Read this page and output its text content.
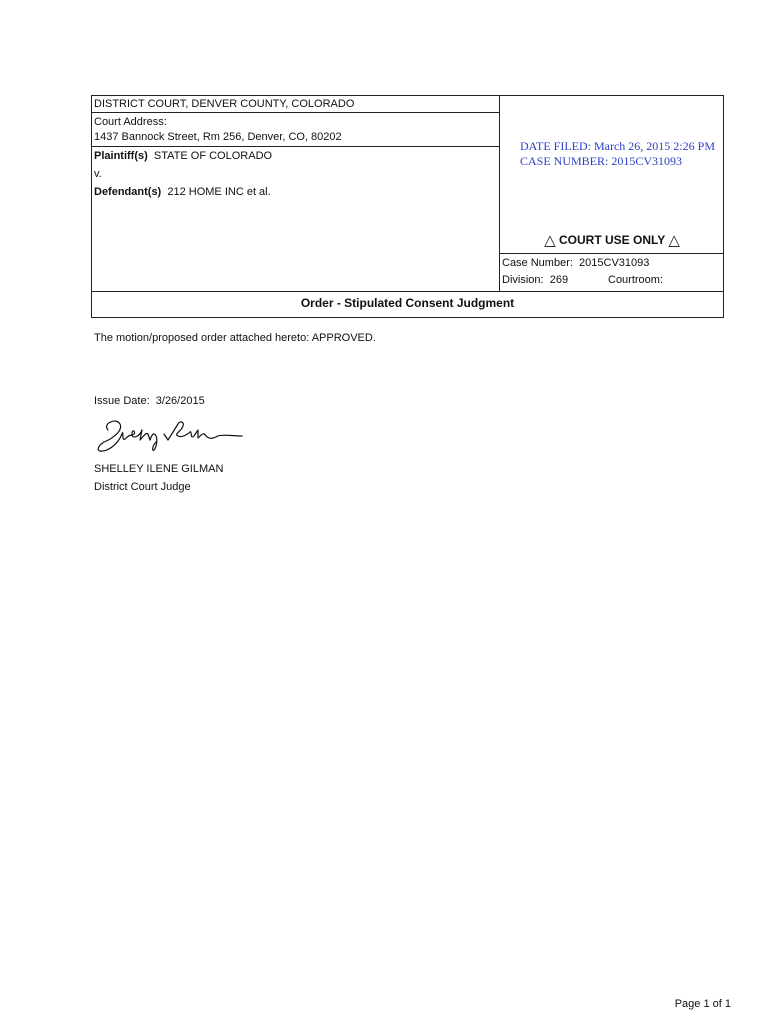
DISTRICT COURT, DENVER COUNTY, COLORADO
Court Address:
1437 Bannock Street, Rm 256, Denver, CO, 80202
Plaintiff(s) STATE OF COLORADO
v.
Defendant(s) 212 HOME INC et al.
DATE FILED: March 26, 2015 2:26 PM
CASE NUMBER: 2015CV31093
△ COURT USE ONLY △
Case Number: 2015CV31093
Division: 269	Courtroom:
Order - Stipulated Consent Judgment
The motion/proposed order attached hereto: APPROVED.
Issue Date: 3/26/2015
SHELLEY ILENE GILMAN
District Court Judge
Page 1 of 1
